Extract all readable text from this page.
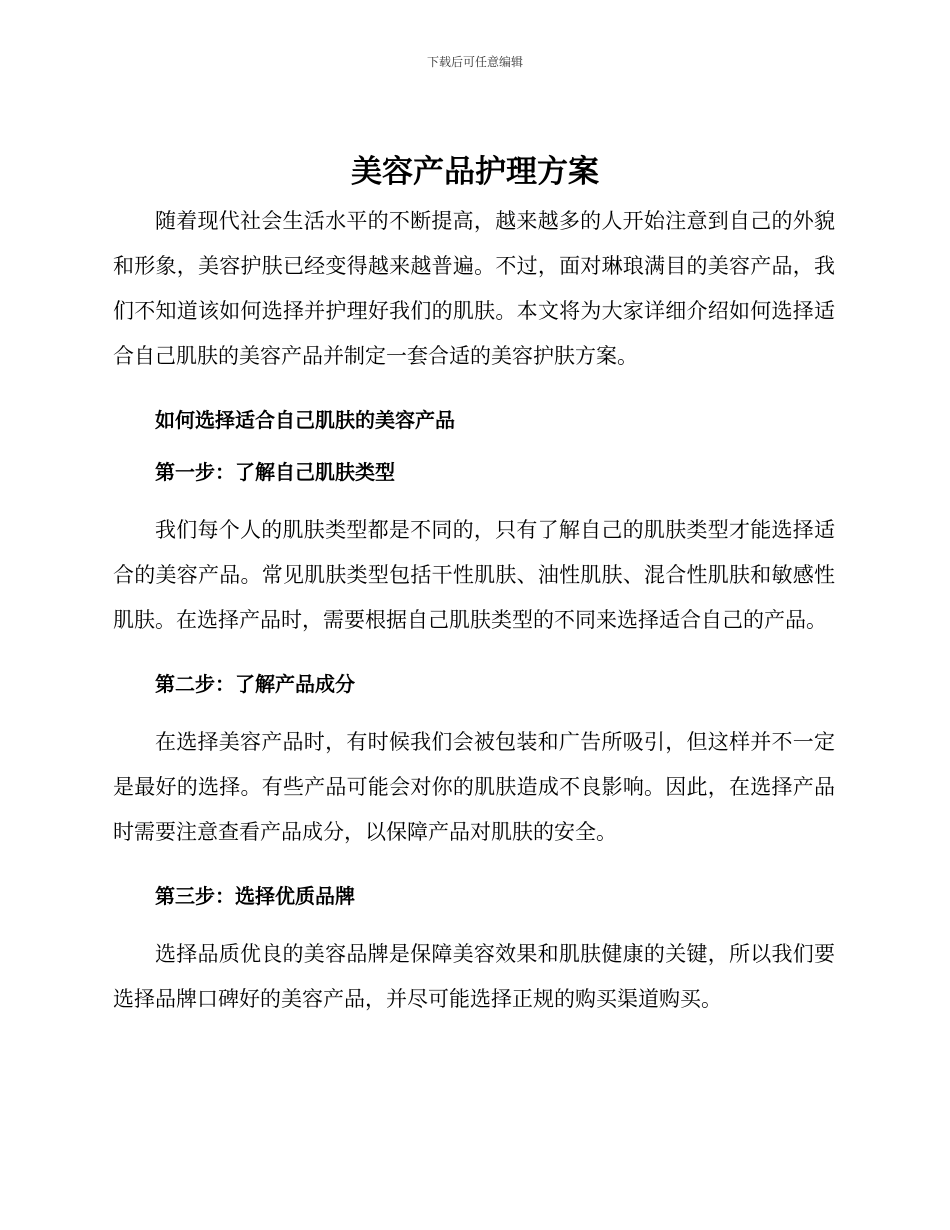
下载后可任意编辑
美容产品护理方案

随着现代社会生活水平的不断提高，越来越多的人开始注意到自己的外貌和形象，美容护肤已经变得越来越普遍。不过，面对琳琅满目的美容产品，我们不知道该如何选择并护理好我们的肌肤。本文将为大家详细介绍如何选择适合自己肌肤的美容产品并制定一套合适的美容护肤方案。

如何选择适合自己肌肤的美容产品

第一步：了解自己肌肤类型

我们每个人的肌肤类型都是不同的，只有了解自己的肌肤类型才能选择适合的美容产品。常见肌肤类型包括干性肌肤、油性肌肤、混合性肌肤和敏感性肌肤。在选择产品时，需要根据自己肌肤类型的不同来选择适合自己的产品。

第二步：了解产品成分

在选择美容产品时，有时候我们会被包装和广告所吸引，但这样并不一定是最好的选择。有些产品可能会对你的肌肤造成不良影响。因此，在选择产品时需要注意查看产品成分，以保障产品对肌肤的安全。

第三步：选择优质品牌

选择品质优良的美容品牌是保障美容效果和肌肤健康的关键，所以我们要选择品牌口碑好的美容产品，并尽可能选择正规的购买渠道购买。
